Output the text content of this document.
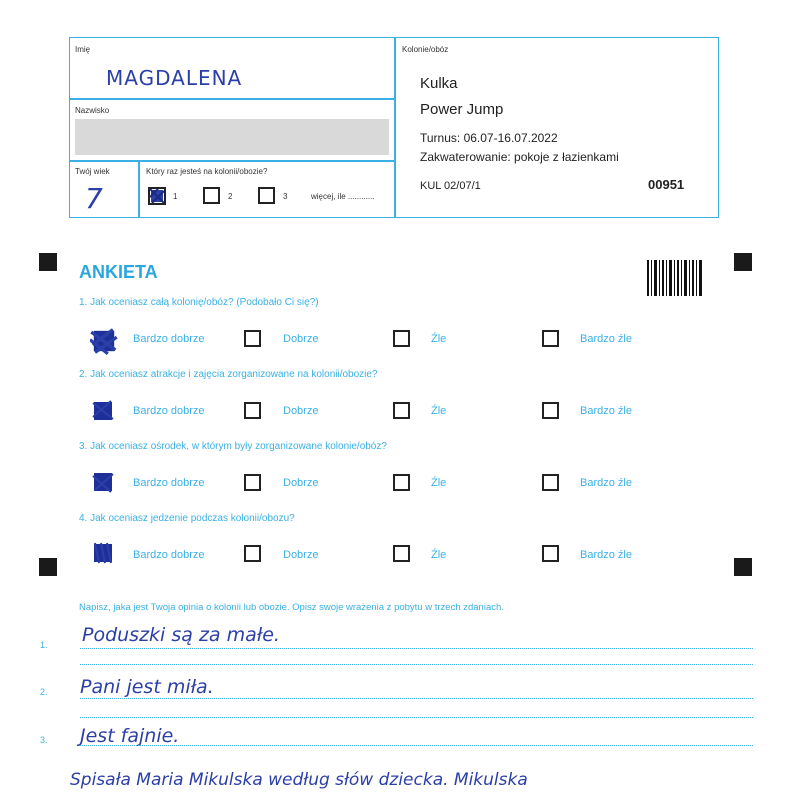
Imię
MAGDALENA
Nazwisko
Twój wiek
7
Który raz jesteś na kolonii/obozie?
1	2	3	więcej, ile ............
Kolonie/obóz
Kulka
Power Jump
Turnus: 06.07-16.07.2022
Zakwaterowanie: pokoje z łazienkami
KUL 02/07/1	00951
ANKIETA
1. Jak oceniasz całą kolonię/obóz? (Podobało Ci się?)
2. Jak oceniasz atrakcje i zajęcia zorganizowane na kolonii/obozie?
3. Jak oceniasz ośrodek, w którym były zorganizowane kolonie/obóz?
4. Jak oceniasz jedzenie podczas kolonii/obozu?
Bardzo dobrze	Dobrze	Źle	Bardzo źle
Bardzo dobrze	Dobrze	Źle	Bardzo źle
Bardzo dobrze	Dobrze	Źle	Bardzo źle
Bardzo dobrze	Dobrze	Źle	Bardzo źle
Napisz, jaka jest Twoja opinia o kolonii lub obozie. Opisz swoje wrażenia z pobytu w trzech zdaniach.
1. Poduszki są za małe.
2. Pani jest miła.
3. Jest fajnie.
Spisała Maria Mikulska według słów dziecka. Mikulska
